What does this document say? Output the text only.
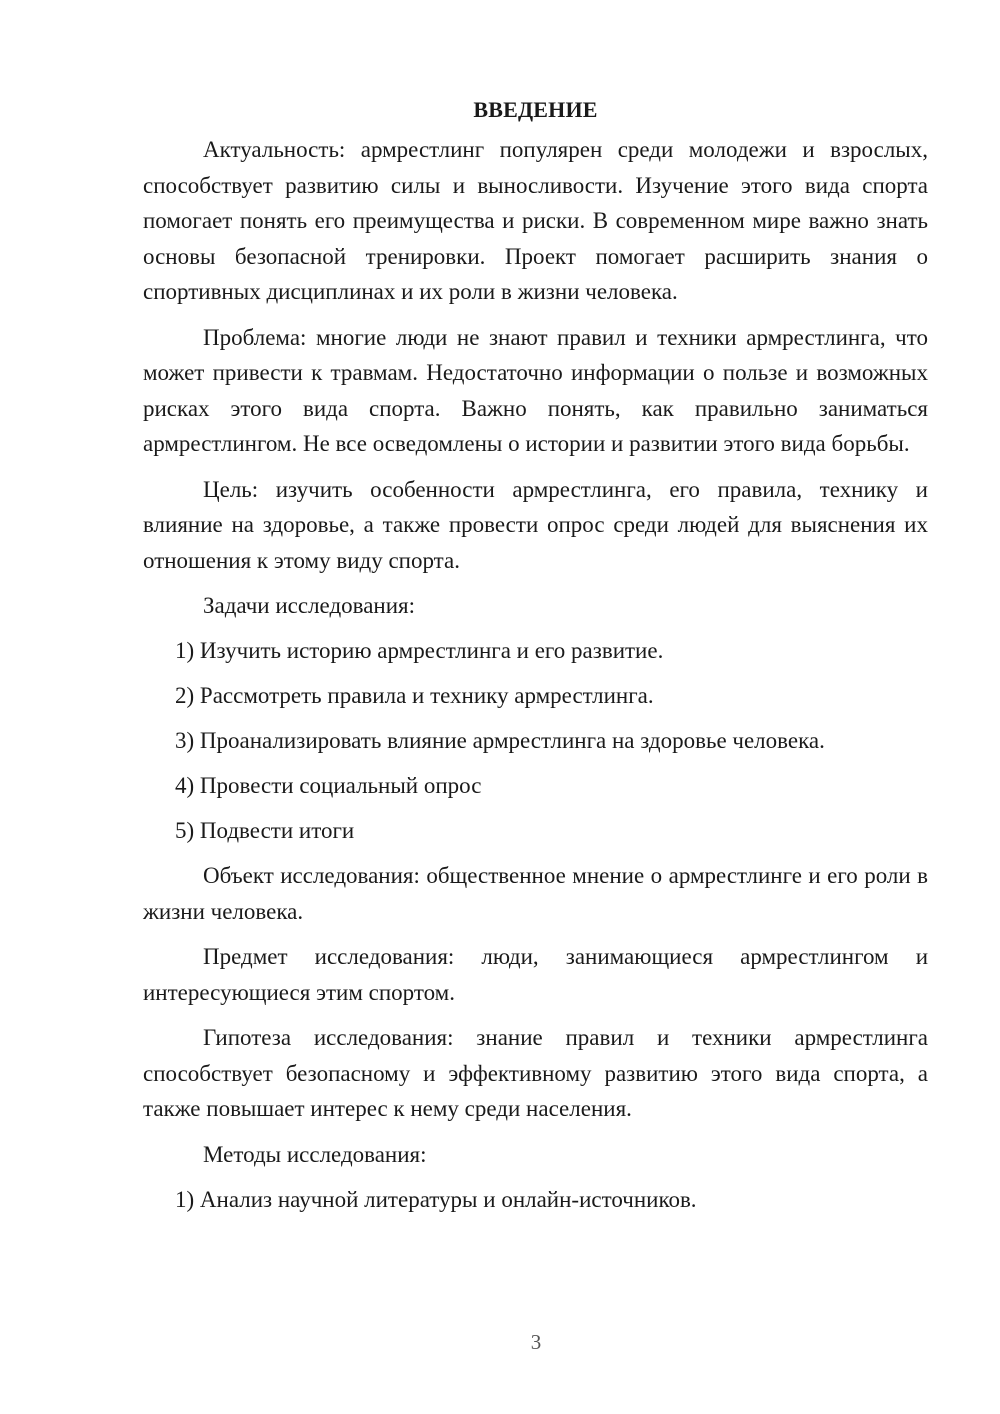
ВВЕДЕНИЕ

Актуальность: армрестлинг популярен среди молодежи и взрослых, способствует развитию силы и выносливости. Изучение этого вида спорта помогает понять его преимущества и риски. В современном мире важно знать основы безопасной тренировки. Проект помогает расширить знания о спортивных дисциплинах и их роли в жизни человека.

Проблема: многие люди не знают правил и техники армрестлинга, что может привести к травмам. Недостаточно информации о пользе и возможных рисках этого вида спорта. Важно понять, как правильно заниматься армрестлингом. Не все осведомлены о истории и развитии этого вида борьбы.

Цель: изучить особенности армрестлинга, его правила, технику и влияние на здоровье, а также провести опрос среди людей для выяснения их отношения к этому виду спорта.

Задачи исследования:
1) Изучить историю армрестлинга и его развитие.
2) Рассмотреть правила и технику армрестлинга.
3) Проанализировать влияние армрестлинга на здоровье человека.
4) Провести социальный опрос
5) Подвести итоги

Объект исследования: общественное мнение о армрестлинге и его роли в жизни человека.

Предмет исследования: люди, занимающиеся армрестлингом и интересующиеся этим спортом.

Гипотеза исследования: знание правил и техники армрестлинга способствует безопасному и эффективному развитию этого вида спорта, а также повышает интерес к нему среди населения.

Методы исследования:
1) Анализ научной литературы и онлайн-источников.
3
